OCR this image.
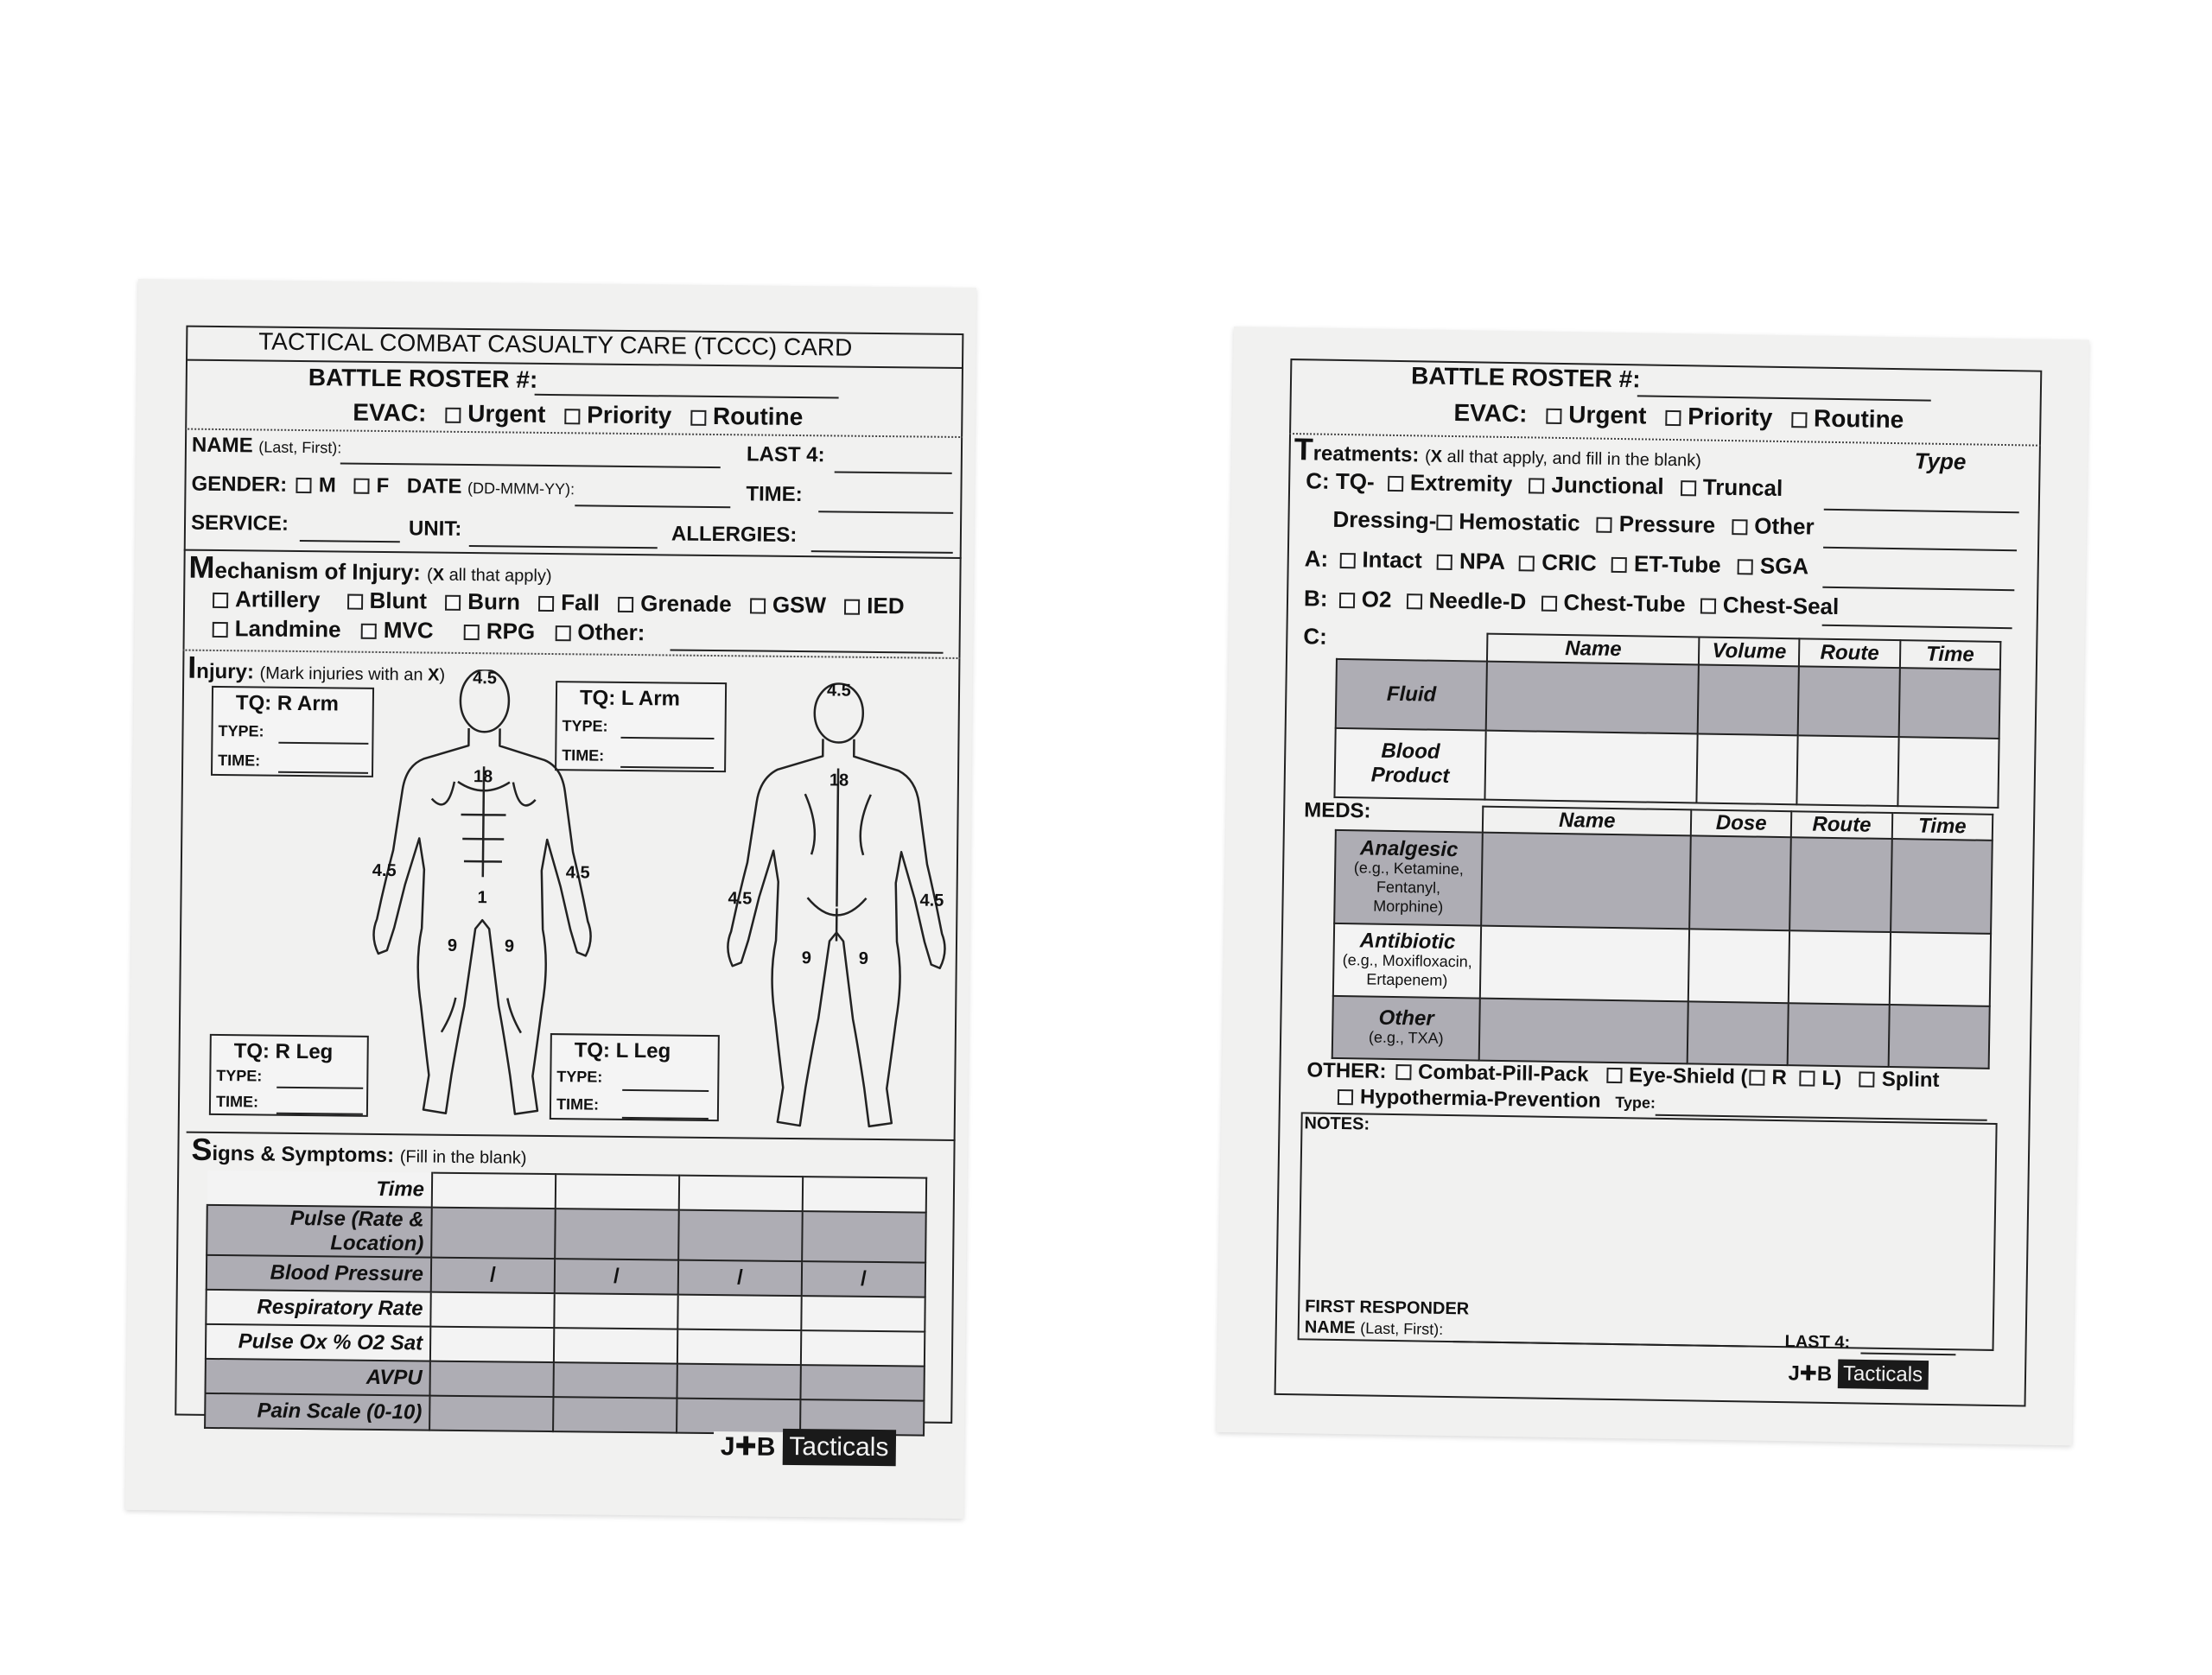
TACTICAL COMBAT CASUALTY CARE (TCCC) CARD
BATTLE ROSTER #:
EVAC: Urgent Priority Routine
NAME (Last, First):	LAST 4:
GENDER: M F DATE (DD-MMM-YY):	TIME:
SERVICE:	UNIT:	ALLERGIES:
Mechanism of Injury: (X all that apply)
Artillery Blunt Burn Fall Grenade GSW IED
Landmine MVC RPG Other:
Injury: (Mark injuries with an X)
TQ: R Arm
TYPE:
TIME:
TQ: L Arm
TYPE:
TIME:
TQ: R Leg
TYPE:
TIME:
TQ: L Leg
TYPE:
TIME:
4.5
18
4.5	4.5
1
9	9
4.5
18
4.5	4.5
9	9
Signs & Symptoms: (Fill in the blank)
Time				
Pulse (Rate & Location)				
Blood Pressure	/	/	/	/
Respiratory Rate				
Pulse Ox % O2 Sat				
AVPU				
Pain Scale (0-10)				
J✚B Tacticals
BATTLE ROSTER #:
EVAC: Urgent Priority Routine
Treatments: (X all that apply, and fill in the blank)	Type
C: TQ- Extremity Junctional Truncal
Dressing- Hemostatic Pressure Other
A: Intact NPA CRIC ET-Tube SGA
B: O2 Needle-D Chest-Tube Chest-Seal
C:
		Name	Volume	Route	Time
Fluid				
Blood Product				
MEDS:
		Name	Dose	Route	Time

Analgesic
(e.g., Ketamine, Fentanyl, Morphine)				

Antibiotic
(e.g., Moxifloxacin, Ertapenem)				

Other
(e.g., TXA)				

OTHER: Combat-Pill-Pack Eye-Shield ( R L) Splint
Hypothermia-Prevention Type:
NOTES:
FIRST RESPONDER
NAME (Last, First):
LAST 4:
J✚B Tacticals
